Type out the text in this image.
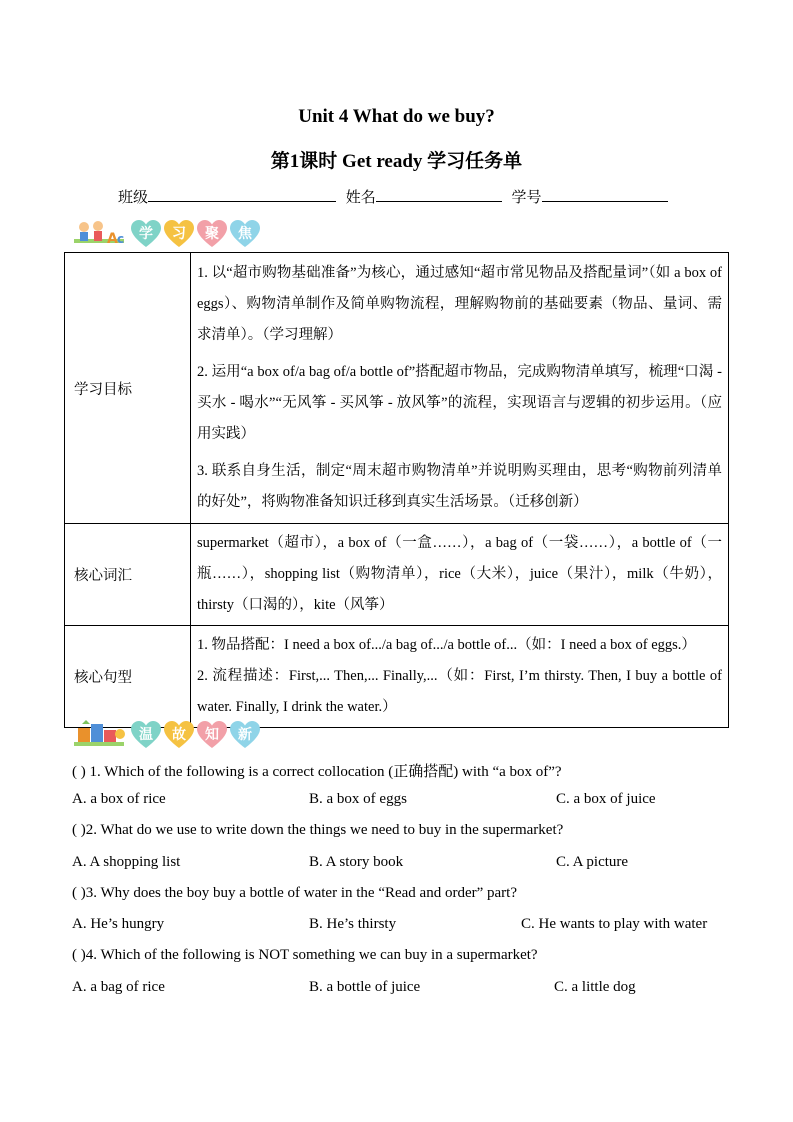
Unit 4 What do we buy?
第1课时 Get ready 学习任务单
班级	姓名	学号
A c 学 习 聚 焦
学习目标	1. 以“超市购物基础准备”为核心，通过感知“超市常见物品及搭配量词”（如 a box of eggs）、购物清单制作及简单购物流程，理解购物前的基础要素（物品、量词、需求清单）。（学习理解）

2. 运用“a box of/a bag of/a bottle of”搭配超市物品，完成购物清单填写，梳理“口渴 - 买水 - 喝水”“无风筝 - 买风筝 - 放风筝”的流程，实现语言与逻辑的初步运用。（应用实践）

3. 联系自身生活，制定“周末超市购物清单”并说明购买理由，思考“购物前列清单的好处”，将购物准备知识迁移到真实生活场景。（迁移创新）

核心词汇	supermarket（超市），a box of（一盒……），a bag of（一袋……），a bottle of（一瓶……），shopping list（购物清单），rice（大米），juice（果汁），milk（牛奶），thirsty（口渴的），kite（风筝）
核心句型	1. 物品搭配：I need a box of.../a bag of.../a bottle of...（如：I need a box of eggs.）

2. 流程描述：First,... Then,... Finally,...（如：First, I’m thirsty. Then, I buy a bottle of water. Finally, I drink the water.）

温 故 知 新
( ) 1. Which of the following is a correct collocation (正确搭配) with “a box of”?
A. a box of rice	B. a box of eggs	C. a box of juice
( )2. What do we use to write down the things we need to buy in the supermarket?
A. A shopping list	B. A story book	C. A picture
( )3. Why does the boy buy a bottle of water in the “Read and order” part?
A. He’s hungry	B. He’s thirsty	C. He wants to play with water
( )4. Which of the following is NOT something we can buy in a supermarket?
A. a bag of rice	B. a bottle of juice	C. a little dog
